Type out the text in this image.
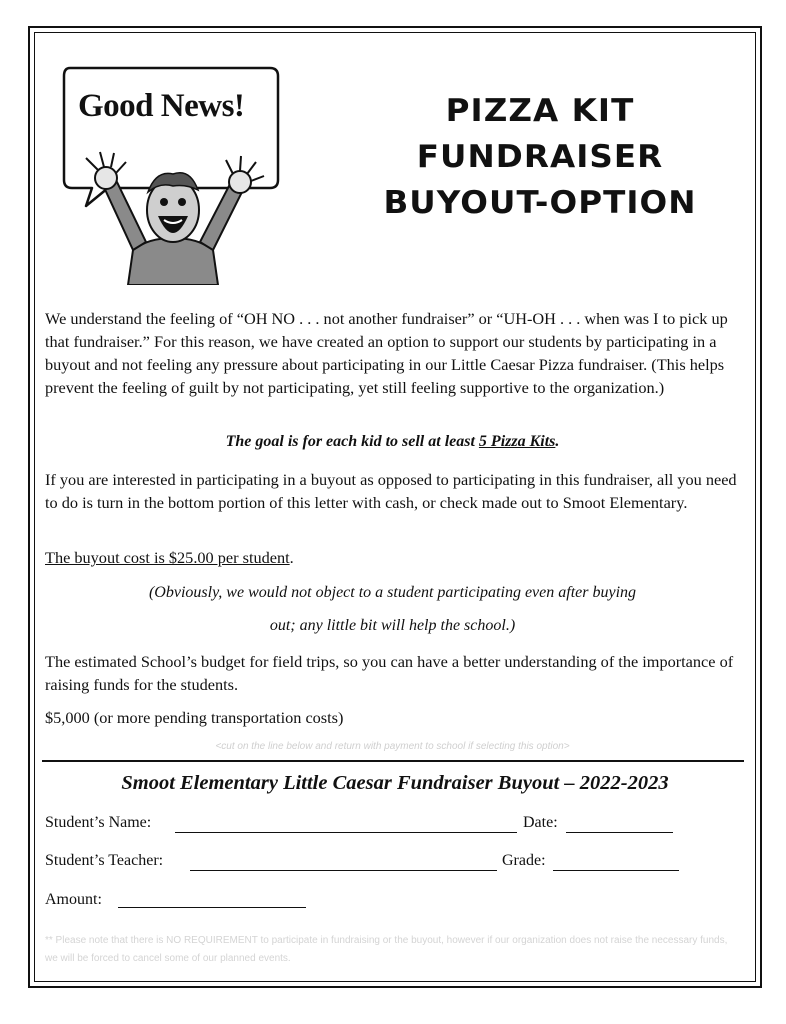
Good News!	PIZZA KIT
FUNDRAISER
BUYOUT-OPTION
We understand the feeling of “OH NO . . . not another fundraiser” or “UH-OH . . . when was I to pick up that fundraiser.” For this reason, we have created an option to support our students by participating in a buyout and not feeling any pressure about participating in our Little Caesar Pizza fundraiser. (This helps prevent the feeling of guilt by not participating, yet still feeling supportive to the organization.)
The goal is for each kid to sell at least 5 Pizza Kits.
If you are interested in participating in a buyout as opposed to participating in this fundraiser, all you need to do is turn in the bottom portion of this letter with cash, or check made out to Smoot Elementary.
The buyout cost is $25.00 per student.
(Obviously, we would not object to a student participating even after buying
out; any little bit will help the school.)
The estimated School’s budget for field trips, so you can have a better understanding of the importance of raising funds for the students.
$5,000 (or more pending transportation costs)
<cut on the line below and return with payment to school if selecting this option>
Smoot Elementary Little Caesar Fundraiser Buyout – 2022-2023
Student’s Name:	Date:
Student’s Teacher:	Grade:
Amount:
** Please note that there is NO REQUIREMENT to participate in fundraising or the buyout, however if our organization does not raise the necessary funds, we will be forced to cancel some of our planned events.
